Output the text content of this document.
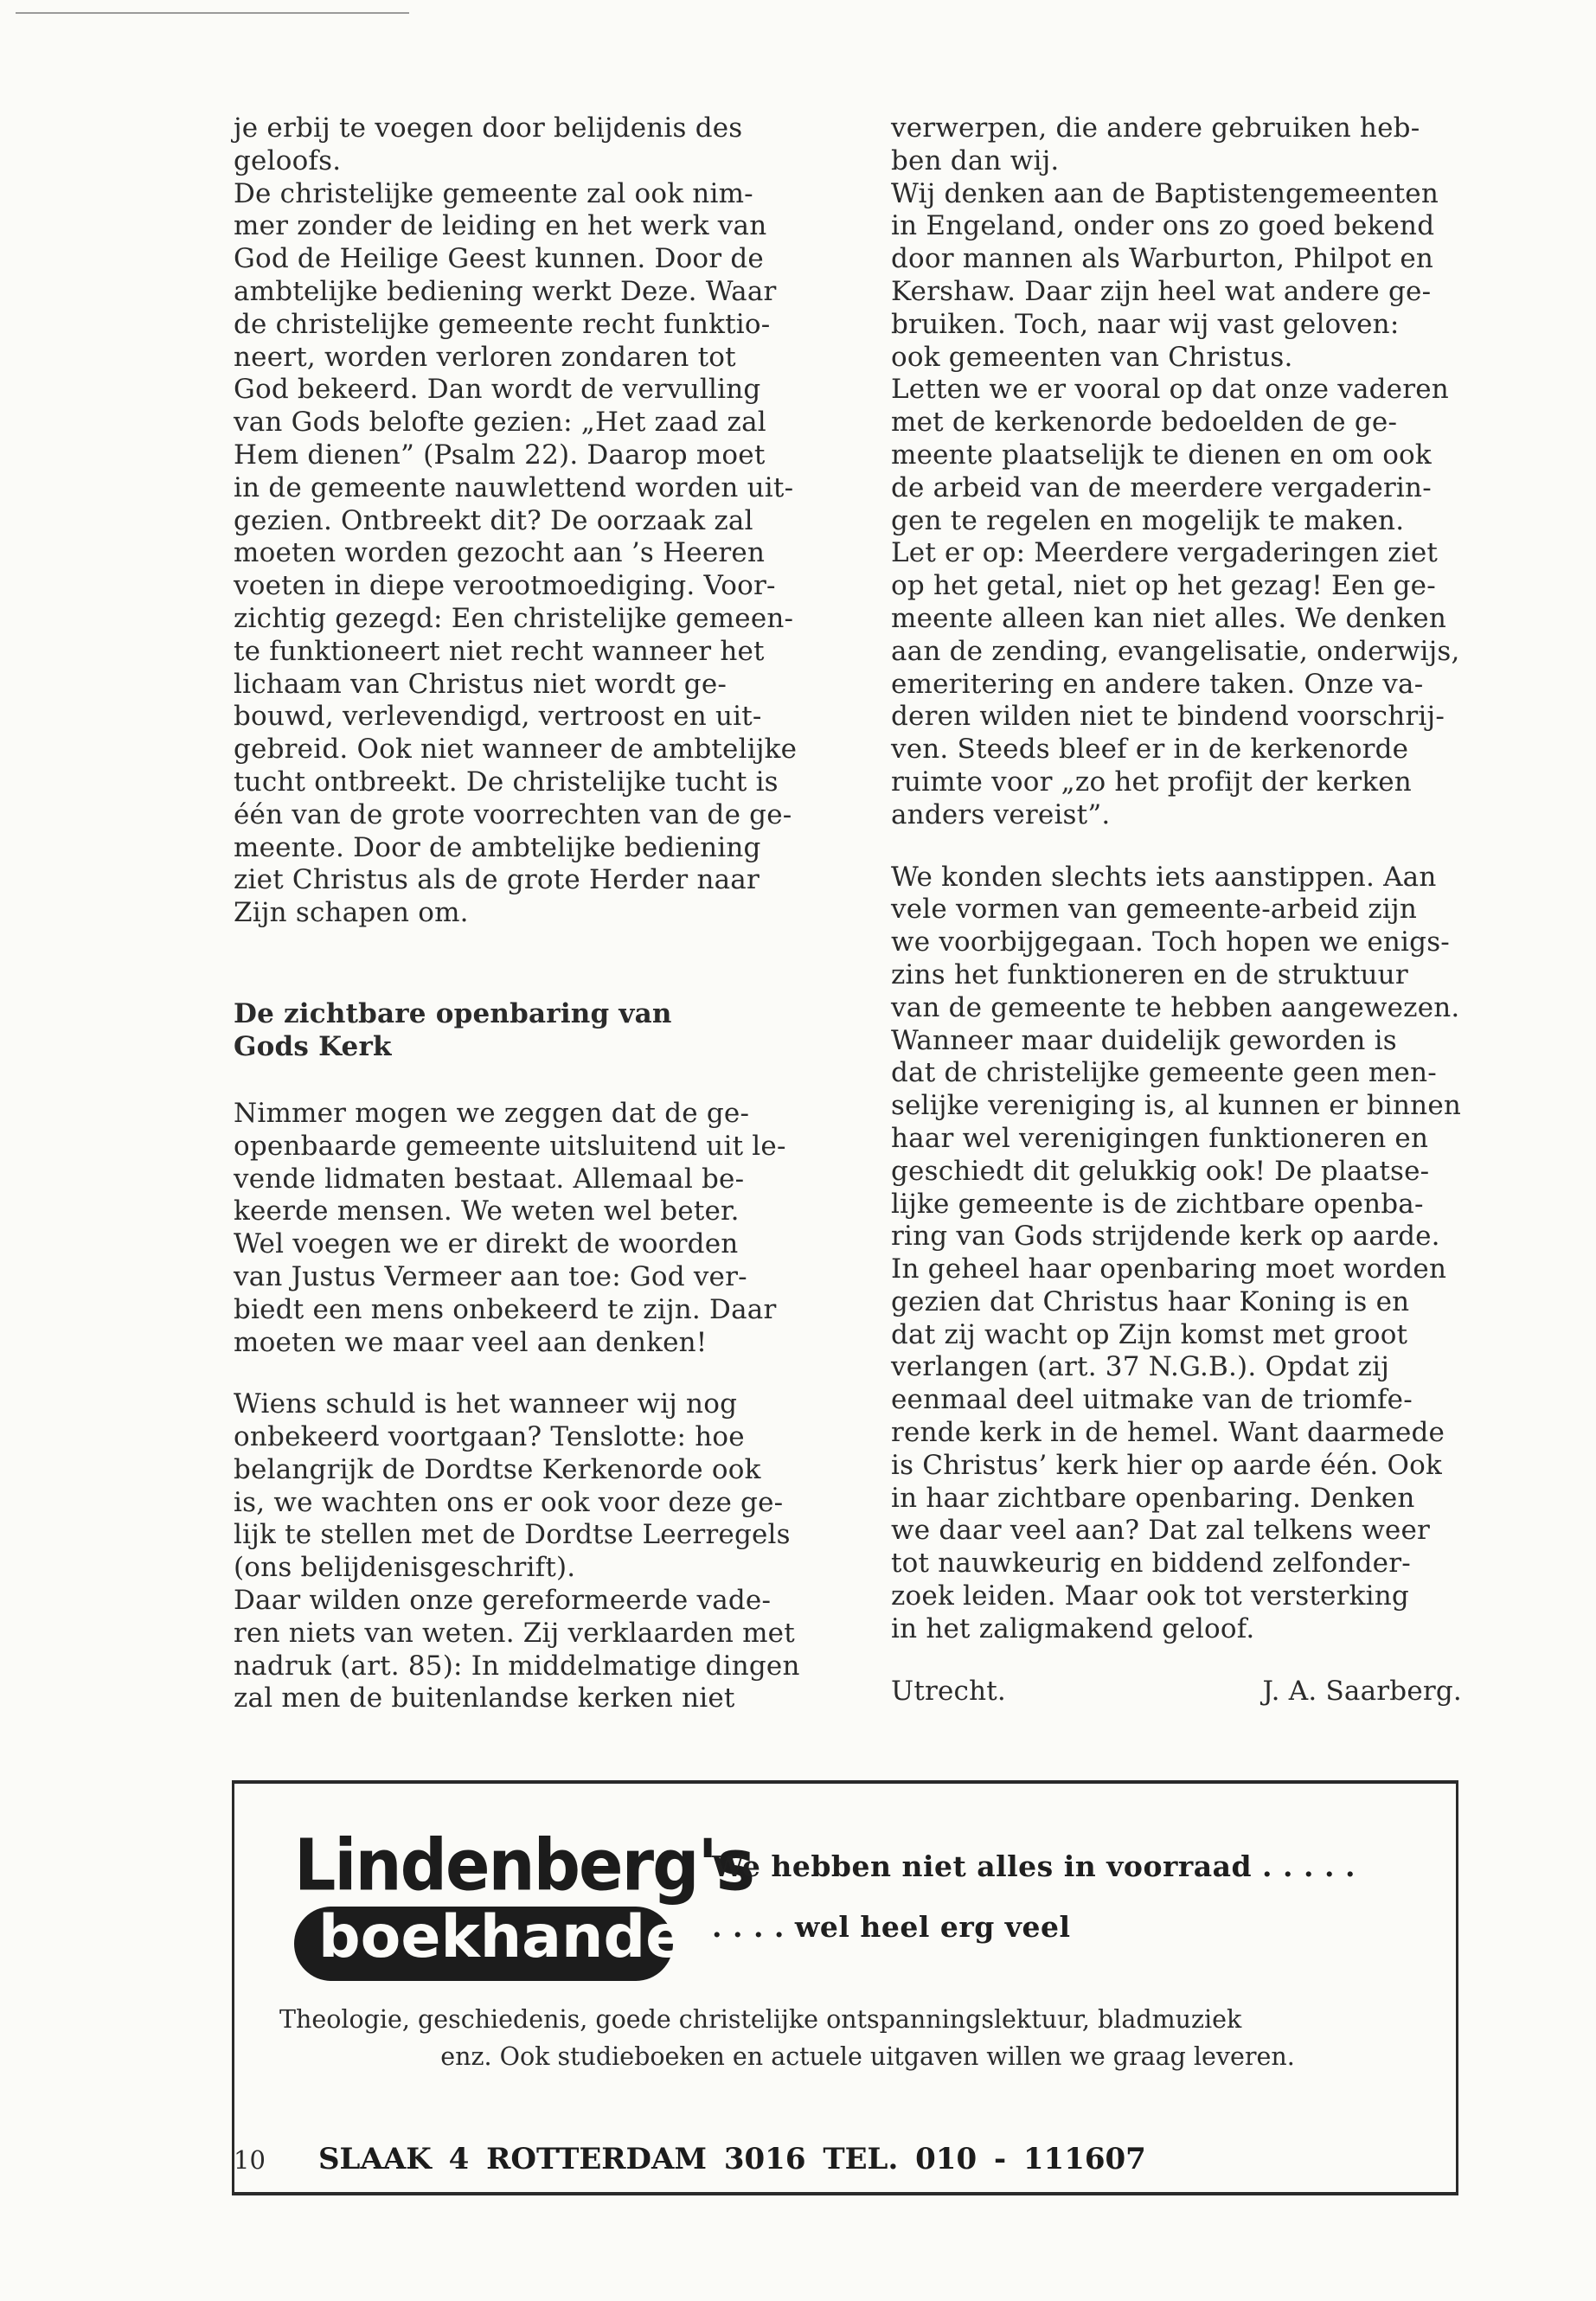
je erbij te voegen door belijdenis des
geloofs.

De christelijke gemeente zal ook nim-
mer zonder de leiding en het werk van
God de Heilige Geest kunnen. Door de
ambtelijke bediening werkt Deze. Waar
de christelijke gemeente recht funktio-
neert, worden verloren zondaren tot
God bekeerd. Dan wordt de vervulling
van Gods belofte gezien: „Het zaad zal
Hem dienen” (Psalm 22). Daarop moet
in de gemeente nauwlettend worden uit-
gezien. Ontbreekt dit? De oorzaak zal
moeten worden gezocht aan ’s Heeren
voeten in diepe verootmoediging. Voor-
zichtig gezegd: Een christelijke gemeen-
te funktioneert niet recht wanneer het
lichaam van Christus niet wordt ge-
bouwd, verlevendigd, vertroost en uit-
gebreid. Ook niet wanneer de ambtelijke
tucht ontbreekt. De christelijke tucht is
één van de grote voorrechten van de ge-
meente. Door de ambtelijke bediening
ziet Christus als de grote Herder naar
Zijn schapen om.

De zichtbare openbaring van
Gods Kerk

Nimmer mogen we zeggen dat de ge-
openbaarde gemeente uitsluitend uit le-
vende lidmaten bestaat. Allemaal be-
keerde mensen. We weten wel beter.
Wel voegen we er direkt de woorden
van Justus Vermeer aan toe: God ver-
biedt een mens onbekeerd te zijn. Daar
moeten we maar veel aan denken!

Wiens schuld is het wanneer wij nog
onbekeerd voortgaan? Tenslotte: hoe
belangrijk de Dordtse Kerkenorde ook
is, we wachten ons er ook voor deze ge-
lijk te stellen met de Dordtse Leerregels
(ons belijdenisgeschrift).

Daar wilden onze gereformeerde vade-
ren niets van weten. Zij verklaarden met
nadruk (art. 85): In middelmatige dingen
zal men de buitenlandse kerken niet

verwerpen, die andere gebruiken heb-
ben dan wij.

Wij denken aan de Baptistengemeenten
in Engeland, onder ons zo goed bekend
door mannen als Warburton, Philpot en
Kershaw. Daar zijn heel wat andere ge-
bruiken. Toch, naar wij vast geloven:
ook gemeenten van Christus.

Letten we er vooral op dat onze vaderen
met de kerkenorde bedoelden de ge-
meente plaatselijk te dienen en om ook
de arbeid van de meerdere vergaderin-
gen te regelen en mogelijk te maken.
Let er op: Meerdere vergaderingen ziet
op het getal, niet op het gezag! Een ge-
meente alleen kan niet alles. We denken
aan de zending, evangelisatie, onderwijs,
emeritering en andere taken. Onze va-
deren wilden niet te bindend voorschrij-
ven. Steeds bleef er in de kerkenorde
ruimte voor „zo het profijt der kerken
anders vereist”.

We konden slechts iets aanstippen. Aan
vele vormen van gemeente-arbeid zijn
we voorbijgegaan. Toch hopen we enigs-
zins het funktioneren en de struktuur
van de gemeente te hebben aangewezen.
Wanneer maar duidelijk geworden is
dat de christelijke gemeente geen men-
selijke vereniging is, al kunnen er binnen
haar wel verenigingen funktioneren en
geschiedt dit gelukkig ook! De plaatse-
lijke gemeente is de zichtbare openba-
ring van Gods strijdende kerk op aarde.
In geheel haar openbaring moet worden
gezien dat Christus haar Koning is en
dat zij wacht op Zijn komst met groot
verlangen (art. 37 N.G.B.). Opdat zij
eenmaal deel uitmake van de triomfe-
rende kerk in de hemel. Want daarmede
is Christus’ kerk hier op aarde één. Ook
in haar zichtbare openbaring. Denken
we daar veel aan? Dat zal telkens weer
tot nauwkeurig en biddend zelfonder-
zoek leiden. Maar ook tot versterking
in het zaligmakend geloof.

Utrecht.	J. A. Saarberg.

Lindenberg's
boekhandel
We hebben niet alles in voorraad . . . . .
. . . . wel heel erg veel
Theologie, geschiedenis, goede christelijke ontspanningslektuur, bladmuziek
enz. Ook studieboeken en actuele uitgaven willen we graag leveren.
SLAAK 4 ROTTERDAM 3016 TEL. 010 - 111607
10
